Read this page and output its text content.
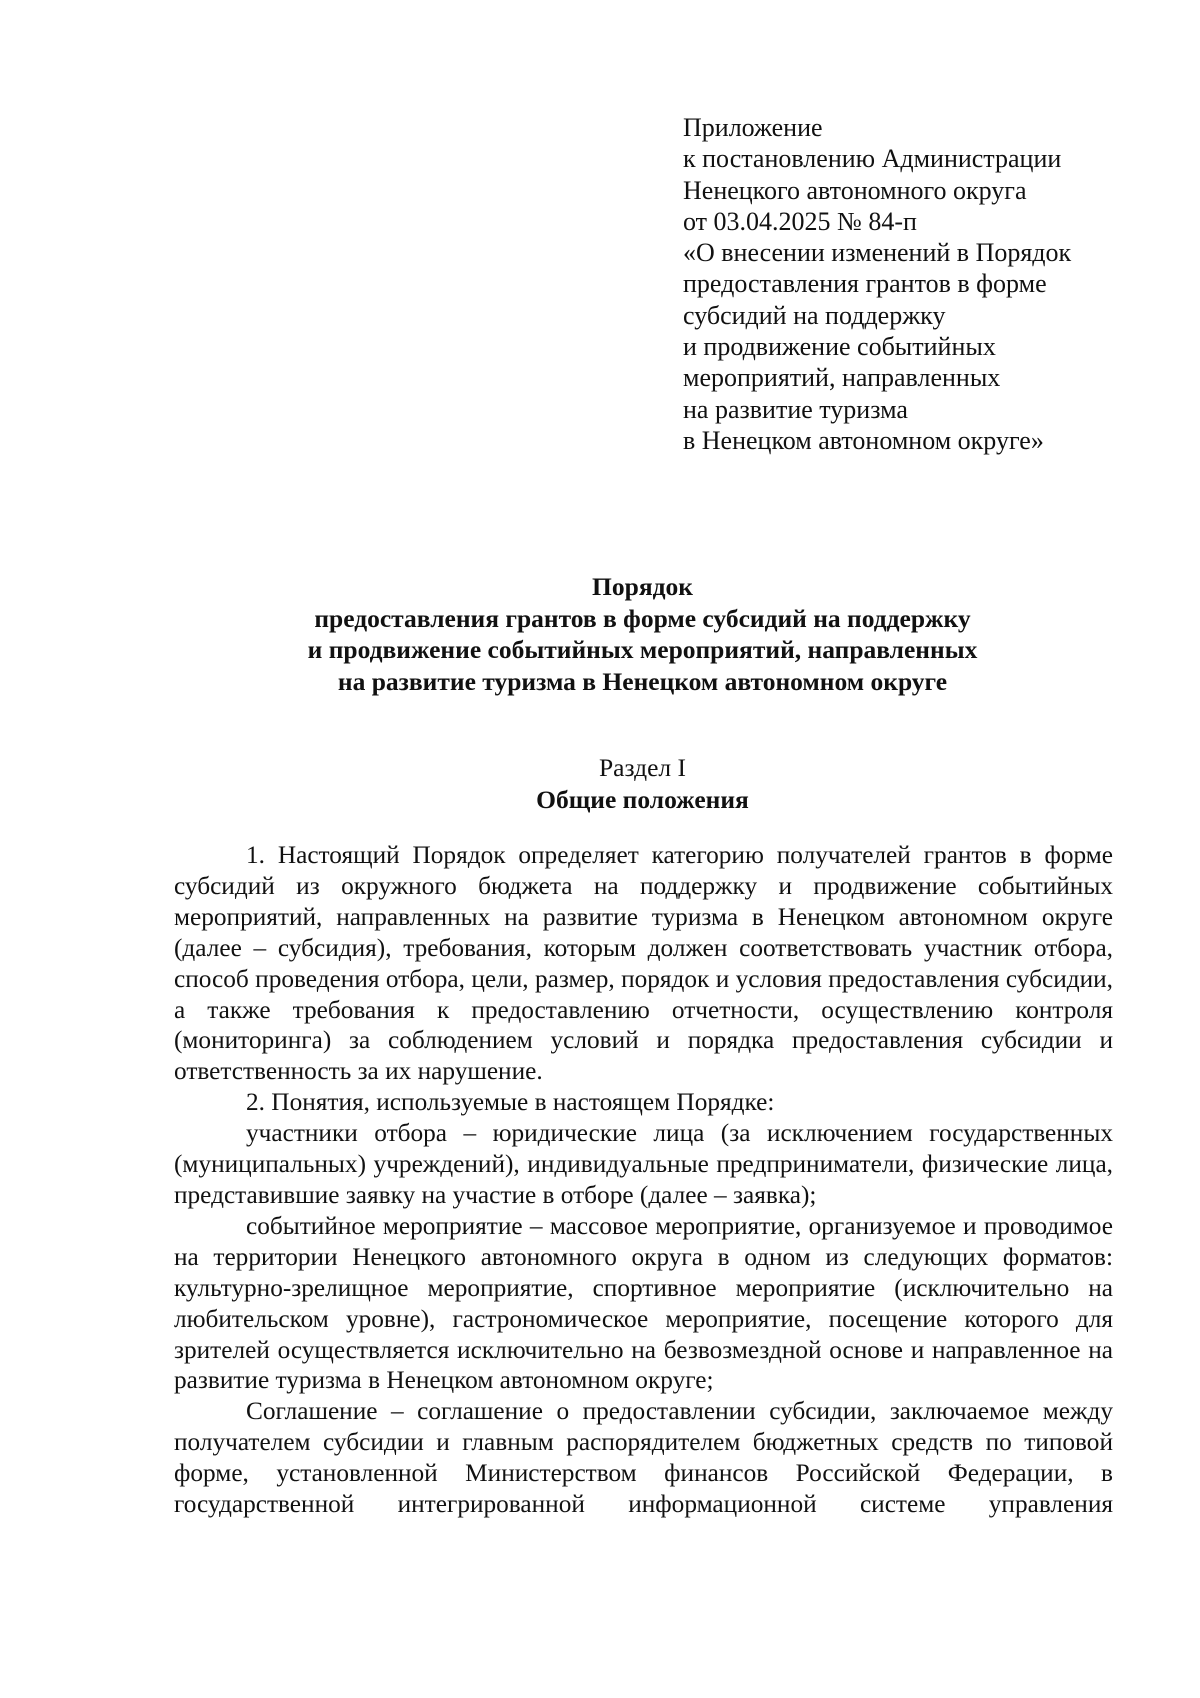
Приложение
к постановлению Администрации
Ненецкого автономного округа
от 03.04.2025 № 84-п
«О внесении изменений в Порядок
предоставления грантов в форме
субсидий на поддержку
и продвижение событийных
мероприятий, направленных
на развитие туризма
в Ненецком автономном округе»
Порядок
предоставления грантов в форме субсидий на поддержку
и продвижение событийных мероприятий, направленных
на развитие туризма в Ненецком автономном округе
Раздел I
Общие положения

1. Настоящий Порядок определяет категорию получателей грантов в форме субсидий из окружного бюджета на поддержку и продвижение событийных мероприятий, направленных на развитие туризма в Ненецком автономном округе (далее – субсидия), требования, которым должен соответствовать участник отбора, способ проведения отбора, цели, размер, порядок и условия предоставления субсидии, а также требования к предоставлению отчетности, осуществлению контроля (мониторинга) за соблюдением условий и порядка предоставления субсидии и ответственность за их нарушение.

2. Понятия, используемые в настоящем Порядке:

участники отбора – юридические лица (за исключением государственных (муниципальных) учреждений), индивидуальные предприниматели, физические лица, представившие заявку на участие в отборе (далее – заявка);

событийное мероприятие – массовое мероприятие, организуемое и проводимое на территории Ненецкого автономного округа в одном из следующих форматов: культурно-зрелищное мероприятие, спортивное мероприятие (исключительно на любительском уровне), гастрономическое мероприятие, посещение которого для зрителей осуществляется исключительно на безвозмездной основе и направленное на развитие туризма в Ненецком автономном округе;

Соглашение – соглашение о предоставлении субсидии, заключаемое между получателем субсидии и главным распорядителем бюджетных средств по типовой форме, установленной Министерством финансов Российской Федерации, в государственной интегрированной информационной системе управления
